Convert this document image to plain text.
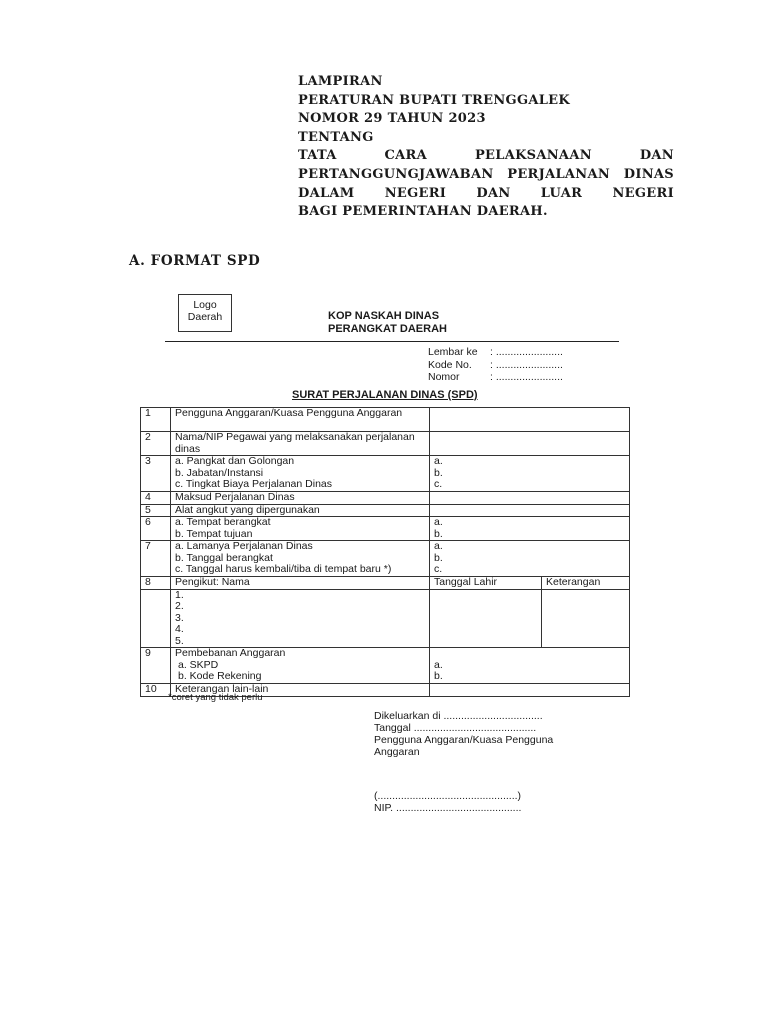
LAMPIRAN
PERATURAN BUPATI TRENGGALEK
NOMOR 29 TAHUN 2023
TENTANG
TATA	CARA	PELAKSANAAN	DAN
PERTANGGUNGJAWABAN PERJALANAN DINAS
DALAM NEGERI DAN LUAR NEGERI
BAGI PEMERINTAHAN DAERAH.
A. FORMAT SPD
Logo
Daerah	KOP NASKAH DINAS
PERANGKAT DAERAH
Lembar ke	: .......................
Kode No.	: .......................
Nomor	: .......................
SURAT PERJALANAN DINAS (SPD)
1	Pengguna Anggaran/Kuasa Pengguna Anggaran		
2	Nama/NIP Pegawai yang melaksanakan perjalanan dinas		
3	a. Pangkat dan Golongan
b. Jabatan/Instansi
c. Tingkat Biaya Perjalanan Dinas	a.
b.
c.	

4	Maksud Perjalanan Dinas		
5	Alat angkut yang dipergunakan		
6	a. Tempat berangkat
b. Tempat tujuan	a.
b.	

7	a. Lamanya Perjalanan Dinas
b. Tanggal berangkat
c. Tanggal harus kembali/tiba di tempat baru *)	a.
b.
c.	

8	Pengikut: Nama	Tanggal Lahir	Keterangan

	1.
2.
3.
4.
5.		

9	Pembebanan Anggaran
a. SKPD
b. Kode Rekening	a.
b.	

10	Keterangan lain-lain		
*coret yang tidak perlu
Dikeluarkan di ..................................
Tanggal ..........................................
Pengguna Anggaran/Kuasa Pengguna
Anggaran
(................................................)
NIP. ...........................................
